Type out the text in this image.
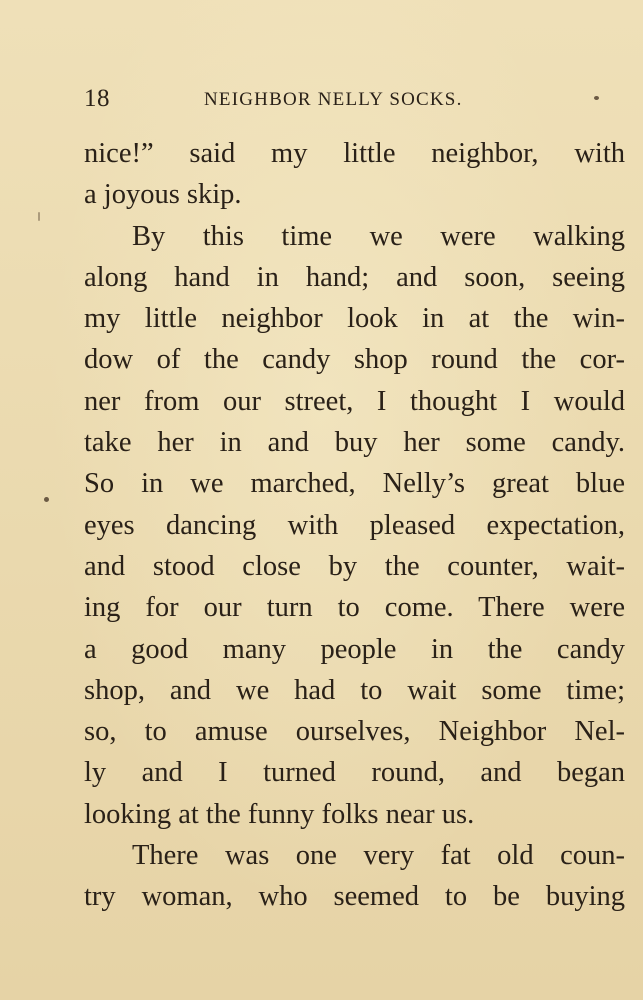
18	NEIGHBOR NELLY SOCKS.
nice!” said my little neighbor, with
a joyous skip.
By this time we were walking
along hand in hand; and soon, seeing
my little neighbor look in at the win-
dow of the candy shop round the cor-
ner from our street, I thought I would
take her in and buy her some candy.
So in we marched, Nelly’s great blue
eyes dancing with pleased expectation,
and stood close by the counter, wait-
ing for our turn to come. There were
a good many people in the candy
shop, and we had to wait some time;
so, to amuse ourselves, Neighbor Nel-
ly and I turned round, and began
looking at the funny folks near us.
There was one very fat old coun-
try woman, who seemed to be buying
